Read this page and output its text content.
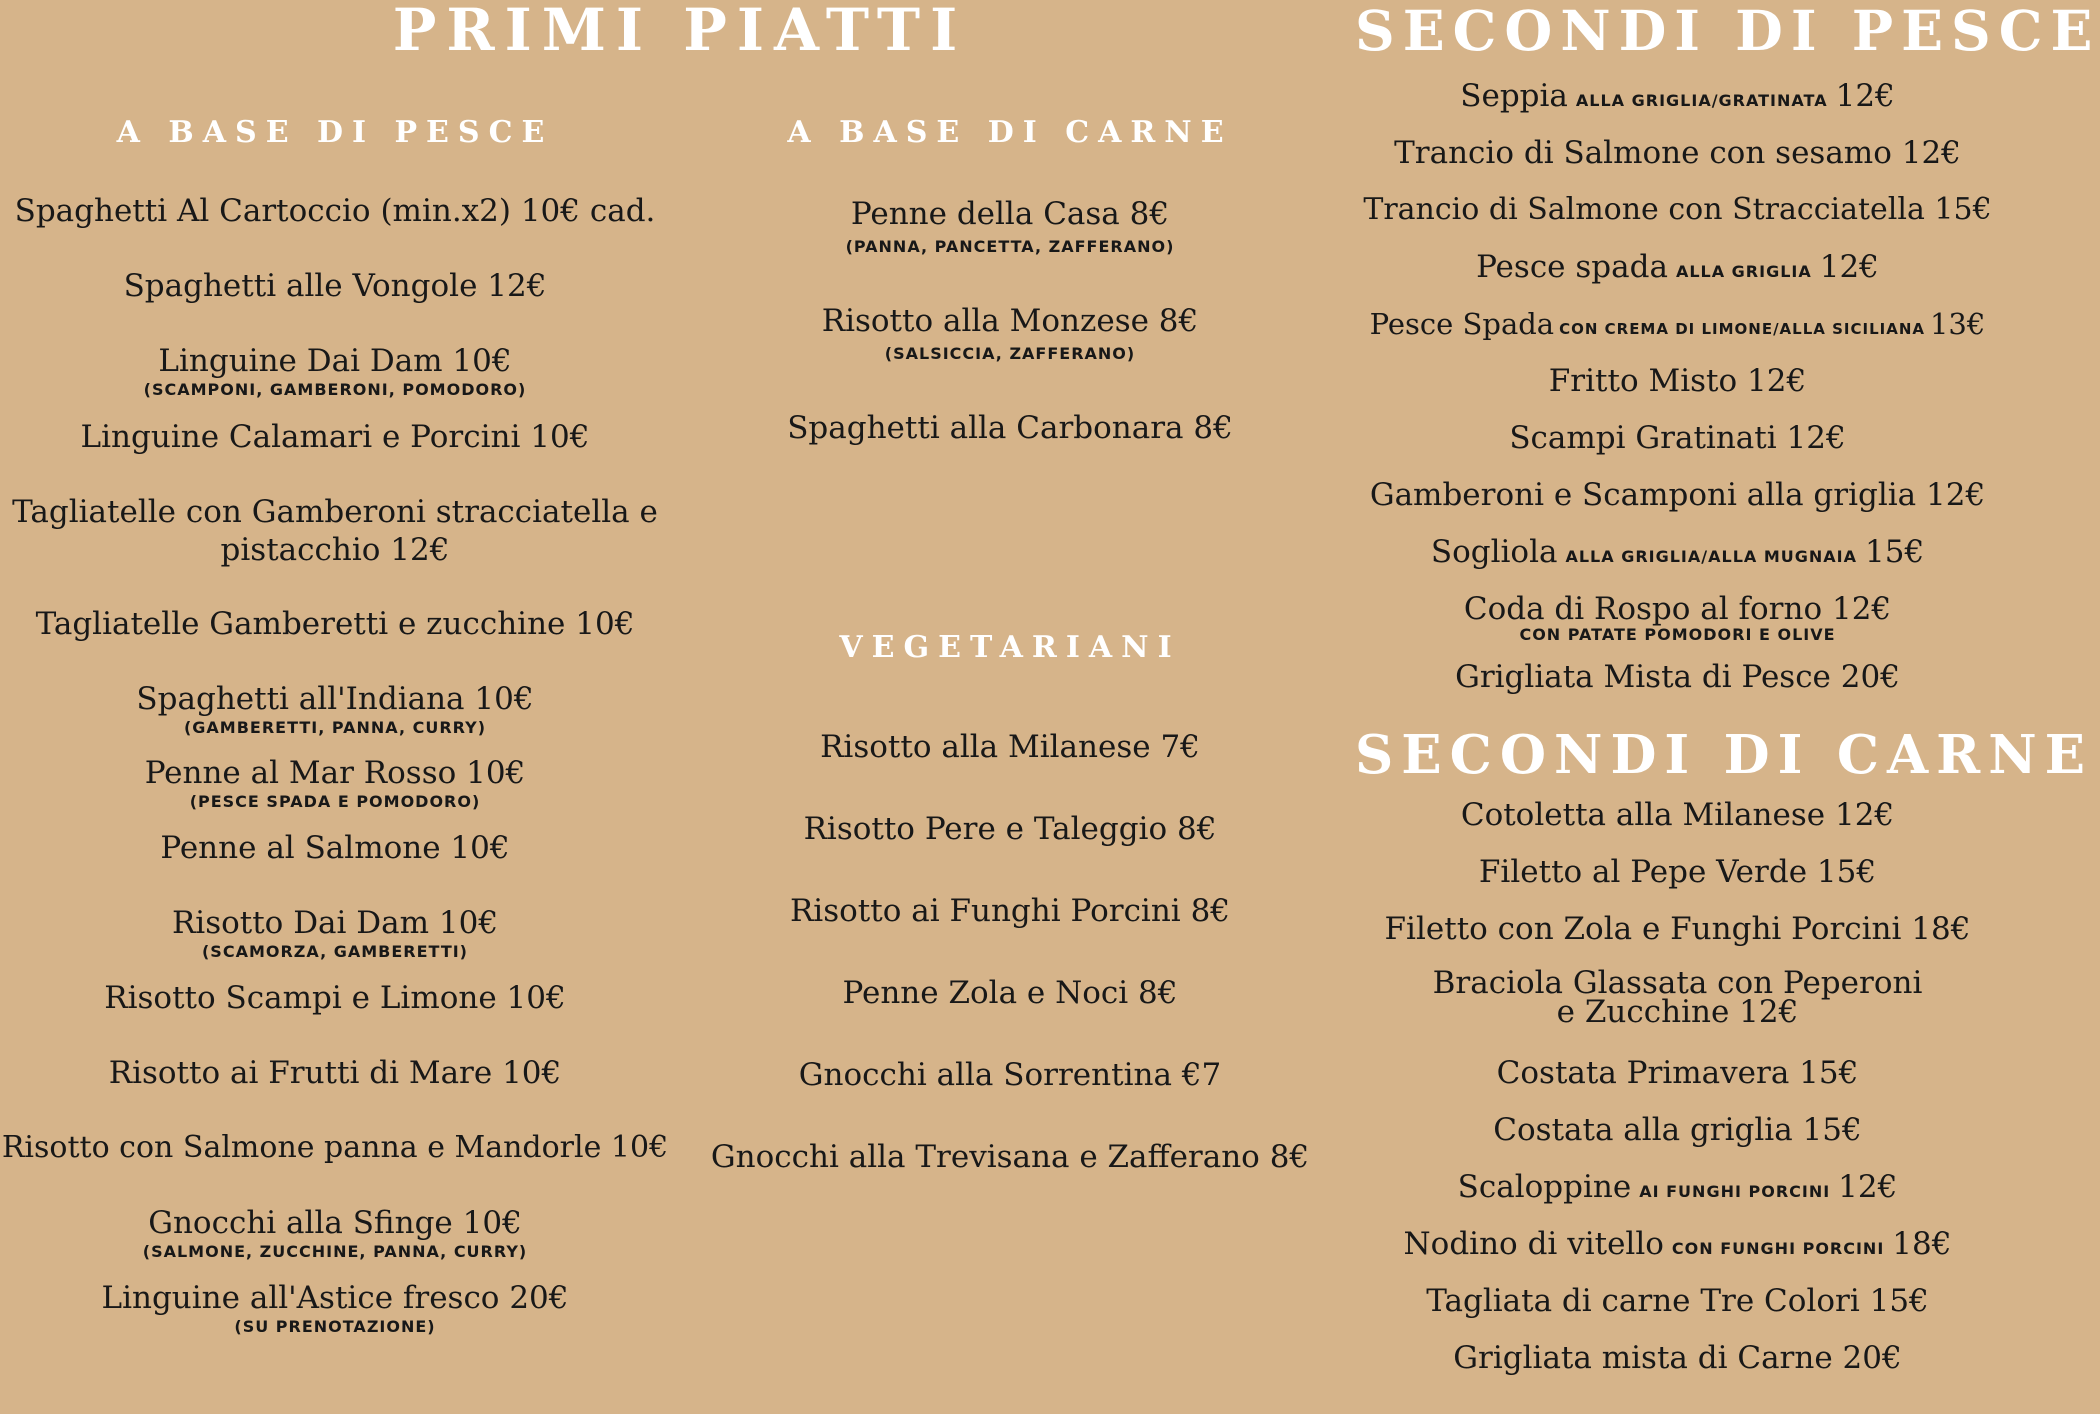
PRIMI PIATTI
A BASE DI PESCE
Spaghetti Al Cartoccio (min.x2) 10€ cad.
Spaghetti alle Vongole 12€
Linguine Dai Dam 10€
(SCAMPONI, GAMBERONI, POMODORO)
Linguine Calamari e Porcini 10€
Tagliatelle con Gamberoni stracciatella e pistacchio 12€
Tagliatelle Gamberetti e zucchine 10€
Spaghetti all'Indiana 10€
(GAMBERETTI, PANNA, CURRY)
Penne al Mar Rosso 10€
(PESCE SPADA E POMODORO)
Penne al Salmone 10€
Risotto Dai Dam 10€
(SCAMORZA, GAMBERETTI)
Risotto Scampi e Limone 10€
Risotto ai Frutti di Mare 10€
Risotto con Salmone panna e Mandorle 10€
Gnocchi alla Sfinge 10€
(SALMONE, ZUCCHINE, PANNA, CURRY)
Linguine all'Astice fresco 20€
(SU PRENOTAZIONE)
A BASE DI CARNE
Penne della Casa 8€
(PANNA, PANCETTA, ZAFFERANO)
Risotto alla Monzese 8€
(SALSICCIA, ZAFFERANO)
Spaghetti alla Carbonara 8€
VEGETARIANI
Risotto alla Milanese 7€
Risotto Pere e Taleggio 8€
Risotto ai Funghi Porcini 8€
Penne Zola e Noci 8€
Gnocchi alla Sorrentina €7
Gnocchi alla Trevisana e Zafferano 8€
SECONDI DI PESCE
Seppia ALLA GRIGLIA/GRATINATA 12€
Trancio di Salmone con sesamo 12€
Trancio di Salmone con Stracciatella 15€
Pesce spada ALLA GRIGLIA 12€
Pesce Spada CON CREMA DI LIMONE/ALLA SICILIANA 13€
Fritto Misto 12€
Scampi Gratinati 12€
Gamberoni e Scamponi alla griglia 12€
Sogliola ALLA GRIGLIA/ALLA MUGNAIA 15€
Coda di Rospo al forno 12€
CON PATATE POMODORI E OLIVE
Grigliata Mista di Pesce 20€
SECONDI DI CARNE
Cotoletta alla Milanese 12€
Filetto al Pepe Verde 15€
Filetto con Zola e Funghi Porcini 18€
Braciola Glassata con Peperoni e Zucchine 12€
Costata Primavera 15€
Costata alla griglia 15€
Scaloppine AI FUNGHI PORCINI 12€
Nodino di vitello CON FUNGHI PORCINI 18€
Tagliata di carne Tre Colori 15€
Grigliata mista di Carne 20€
